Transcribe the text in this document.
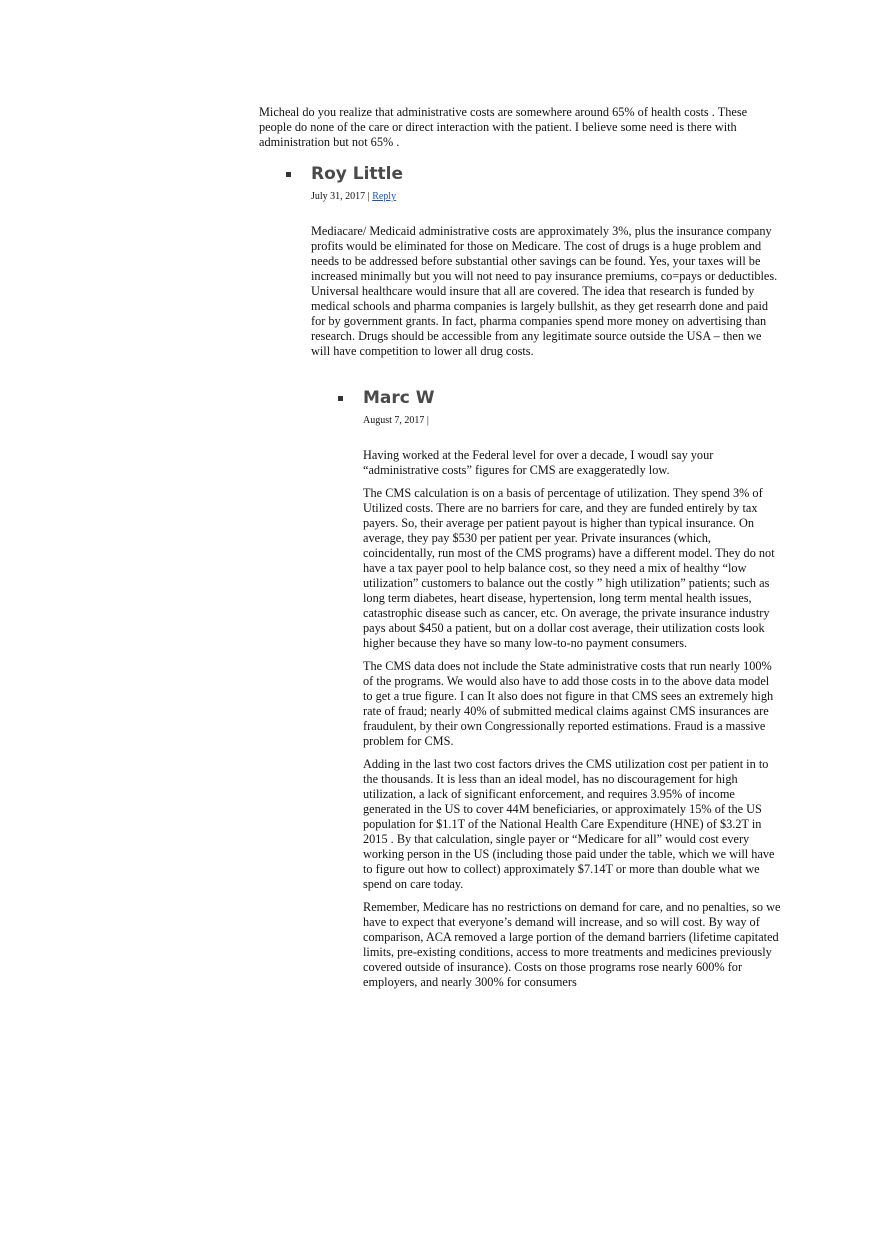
Micheal do you realize that administrative costs are somewhere around 65% of health costs . These people do none of the care or direct interaction with the patient. I believe some need is there with administration but not 65% .

Roy Little
July 31, 2017 | Reply

Mediacare/ Medicaid administrative costs are approximately 3%, plus the insurance company profits would be eliminated for those on Medicare. The cost of drugs is a huge problem and needs to be addressed before substantial other savings can be found. Yes, your taxes will be increased minimally but you will not need to pay insurance premiums, co=pays or deductibles. Universal healthcare would insure that all are covered. The idea that research is funded by medical schools and pharma companies is largely bullshit, as they get researrh done and paid for by government grants. In fact, pharma companies spend more money on advertising than research. Drugs should be accessible from any legitimate source outside the USA – then we will have competition to lower all drug costs.

Marc W
August 7, 2017 |

Having worked at the Federal level for over a decade, I woudl say your “administrative costs” figures for CMS are exaggeratedly low.

The CMS calculation is on a basis of percentage of utilization. They spend 3% of Utilized costs. There are no barriers for care, and they are funded entirely by tax payers. So, their average per patient payout is higher than typical insurance. On average, they pay $530 per patient per year. Private insurances (which, coincidentally, run most of the CMS programs) have a different model. They do not have a tax payer pool to help balance cost, so they need a mix of healthy “low utilization” customers to balance out the costly ” high utilization” patients; such as long term diabetes, heart disease, hypertension, long term mental health issues, catastrophic disease such as cancer, etc. On average, the private insurance industry pays about $450 a patient, but on a dollar cost average, their utilization costs look higher because they have so many low-to-no payment consumers.

The CMS data does not include the State administrative costs that run nearly 100% of the programs. We would also have to add those costs in to the above data model to get a true figure. I can It also does not figure in that CMS sees an extremely high rate of fraud; nearly 40% of submitted medical claims against CMS insurances are fraudulent, by their own Congressionally reported estimations. Fraud is a massive problem for CMS.

Adding in the last two cost factors drives the CMS utilization cost per patient in to the thousands. It is less than an ideal model, has no discouragement for high utilization, a lack of significant enforcement, and requires 3.95% of income generated in the US to cover 44M beneficiaries, or approximately 15% of the US population for $1.1T of the National Health Care Expenditure (HNE) of $3.2T in 2015 . By that calculation, single payer or “Medicare for all” would cost every working person in the US (including those paid under the table, which we will have to figure out how to collect) approximately $7.14T or more than double what we spend on care today.

Remember, Medicare has no restrictions on demand for care, and no penalties, so we have to expect that everyone’s demand will increase, and so will cost. By way of comparison, ACA removed a large portion of the demand barriers (lifetime capitated limits, pre-existing conditions, access to more treatments and medicines previously covered outside of insurance). Costs on those programs rose nearly 600% for employers, and nearly 300% for consumers
